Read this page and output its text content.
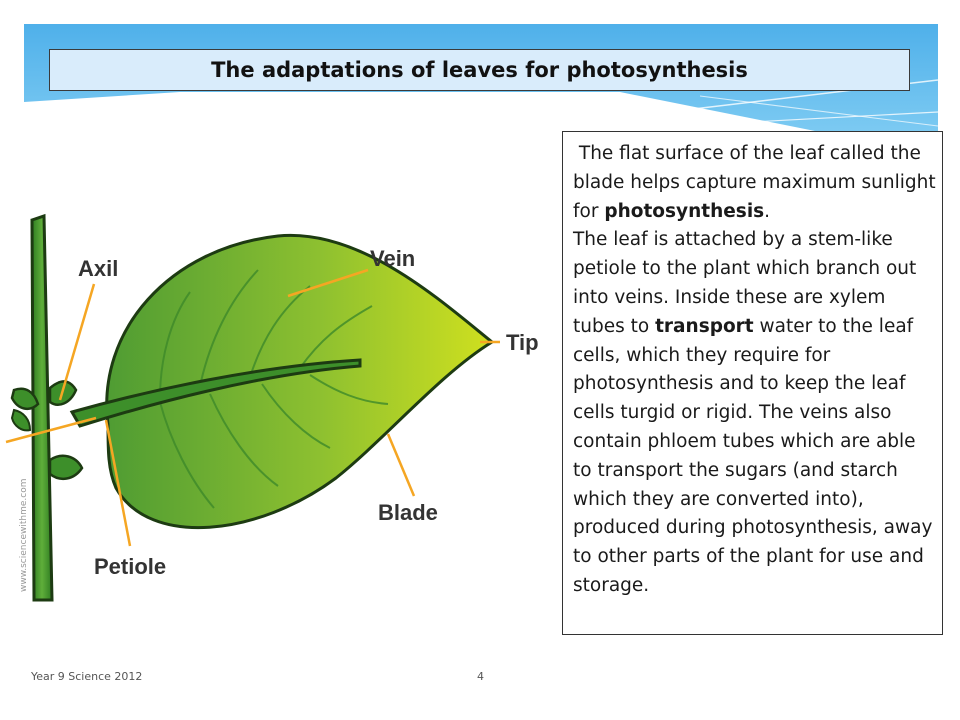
The adaptations of leaves for photosynthesis
Axil	Vein
Tip
Blade
Petiole
www.sciencewithme.com

The flat surface of the leaf called the blade helps capture maximum sunlight for photosynthesis.

The leaf is attached by a stem-like petiole to the plant which branch out into veins. Inside these are xylem tubes to transport water to the leaf cells, which they require for photosynthesis and to keep the leaf cells turgid or rigid. The veins also contain phloem tubes which are able to transport the sugars (and starch which they are converted into), produced during photosynthesis, away to other parts of the plant for use and storage.

Year 9 Science 2012	4
